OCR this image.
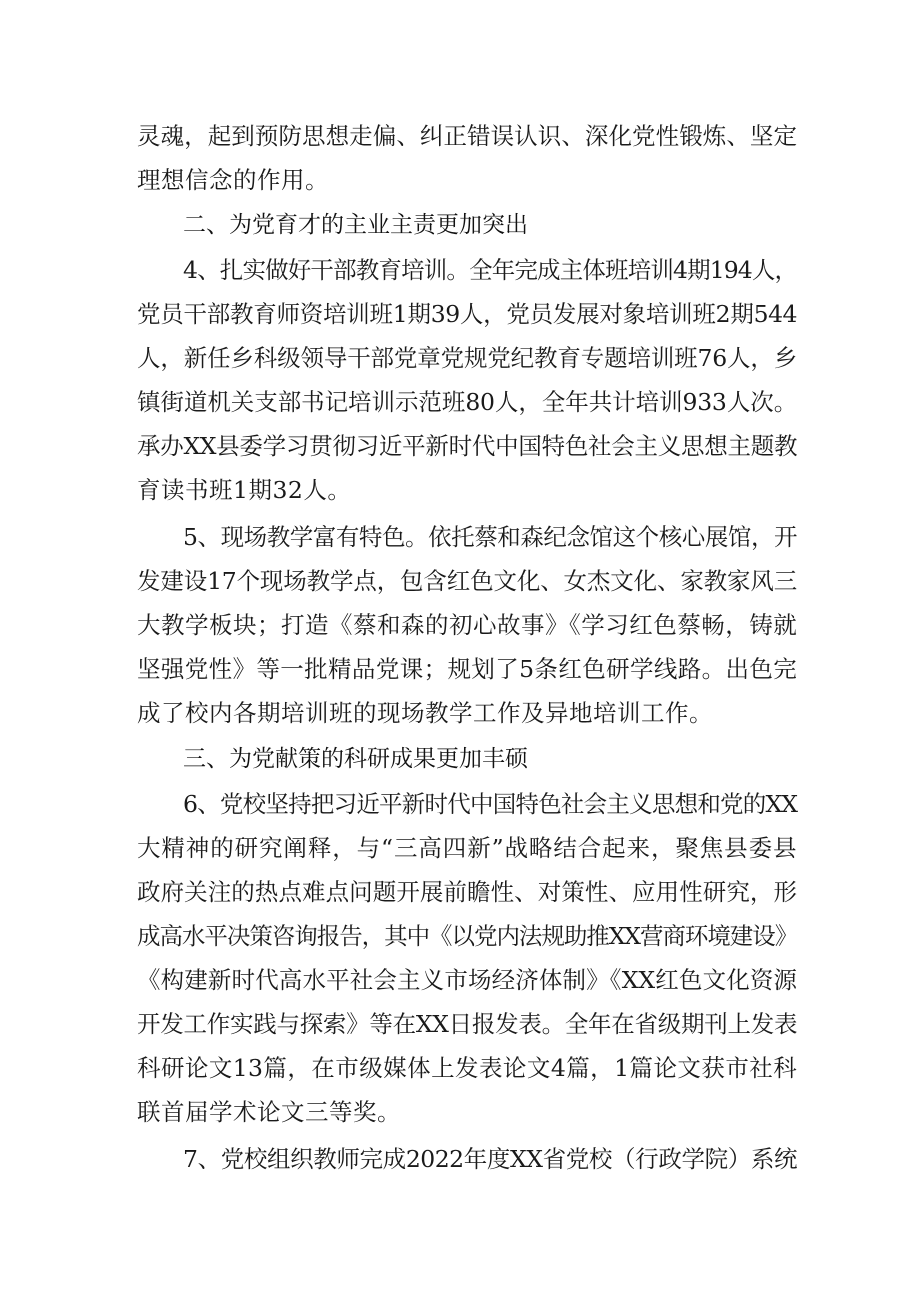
灵魂，起到预防思想走偏、纠正错误认识、深化党性锻炼、坚定
理想信念的作用。
二、为党育才的主业主责更加突出
4、扎实做好干部教育培训。全年完成主体班培训4期194人，
党员干部教育师资培训班1期39人，党员发展对象培训班2期544
人，新任乡科级领导干部党章党规党纪教育专题培训班76人，乡
镇街道机关支部书记培训示范班80人，全年共计培训933人次。
承办XX县委学习贯彻习近平新时代中国特色社会主义思想主题教
育读书班1期32人。
5、现场教学富有特色。依托蔡和森纪念馆这个核心展馆，开
发建设17个现场教学点，包含红色文化、女杰文化、家教家风三
大教学板块；打造《蔡和森的初心故事》《学习红色蔡畅，铸就
坚强党性》等一批精品党课；规划了5条红色研学线路。出色完
成了校内各期培训班的现场教学工作及异地培训工作。
三、为党献策的科研成果更加丰硕
6、党校坚持把习近平新时代中国特色社会主义思想和党的XX
大精神的研究阐释，与“三高四新”战略结合起来，聚焦县委县
政府关注的热点难点问题开展前瞻性、对策性、应用性研究，形
成高水平决策咨询报告，其中《以党内法规助推XX营商环境建设》
《构建新时代高水平社会主义市场经济体制》《XX红色文化资源
开发工作实践与探索》等在XX日报发表。全年在省级期刊上发表
科研论文13篇，在市级媒体上发表论文4篇，1篇论文获市社科
联首届学术论文三等奖。
7、党校组织教师完成2022年度XX省党校（行政学院）系统
